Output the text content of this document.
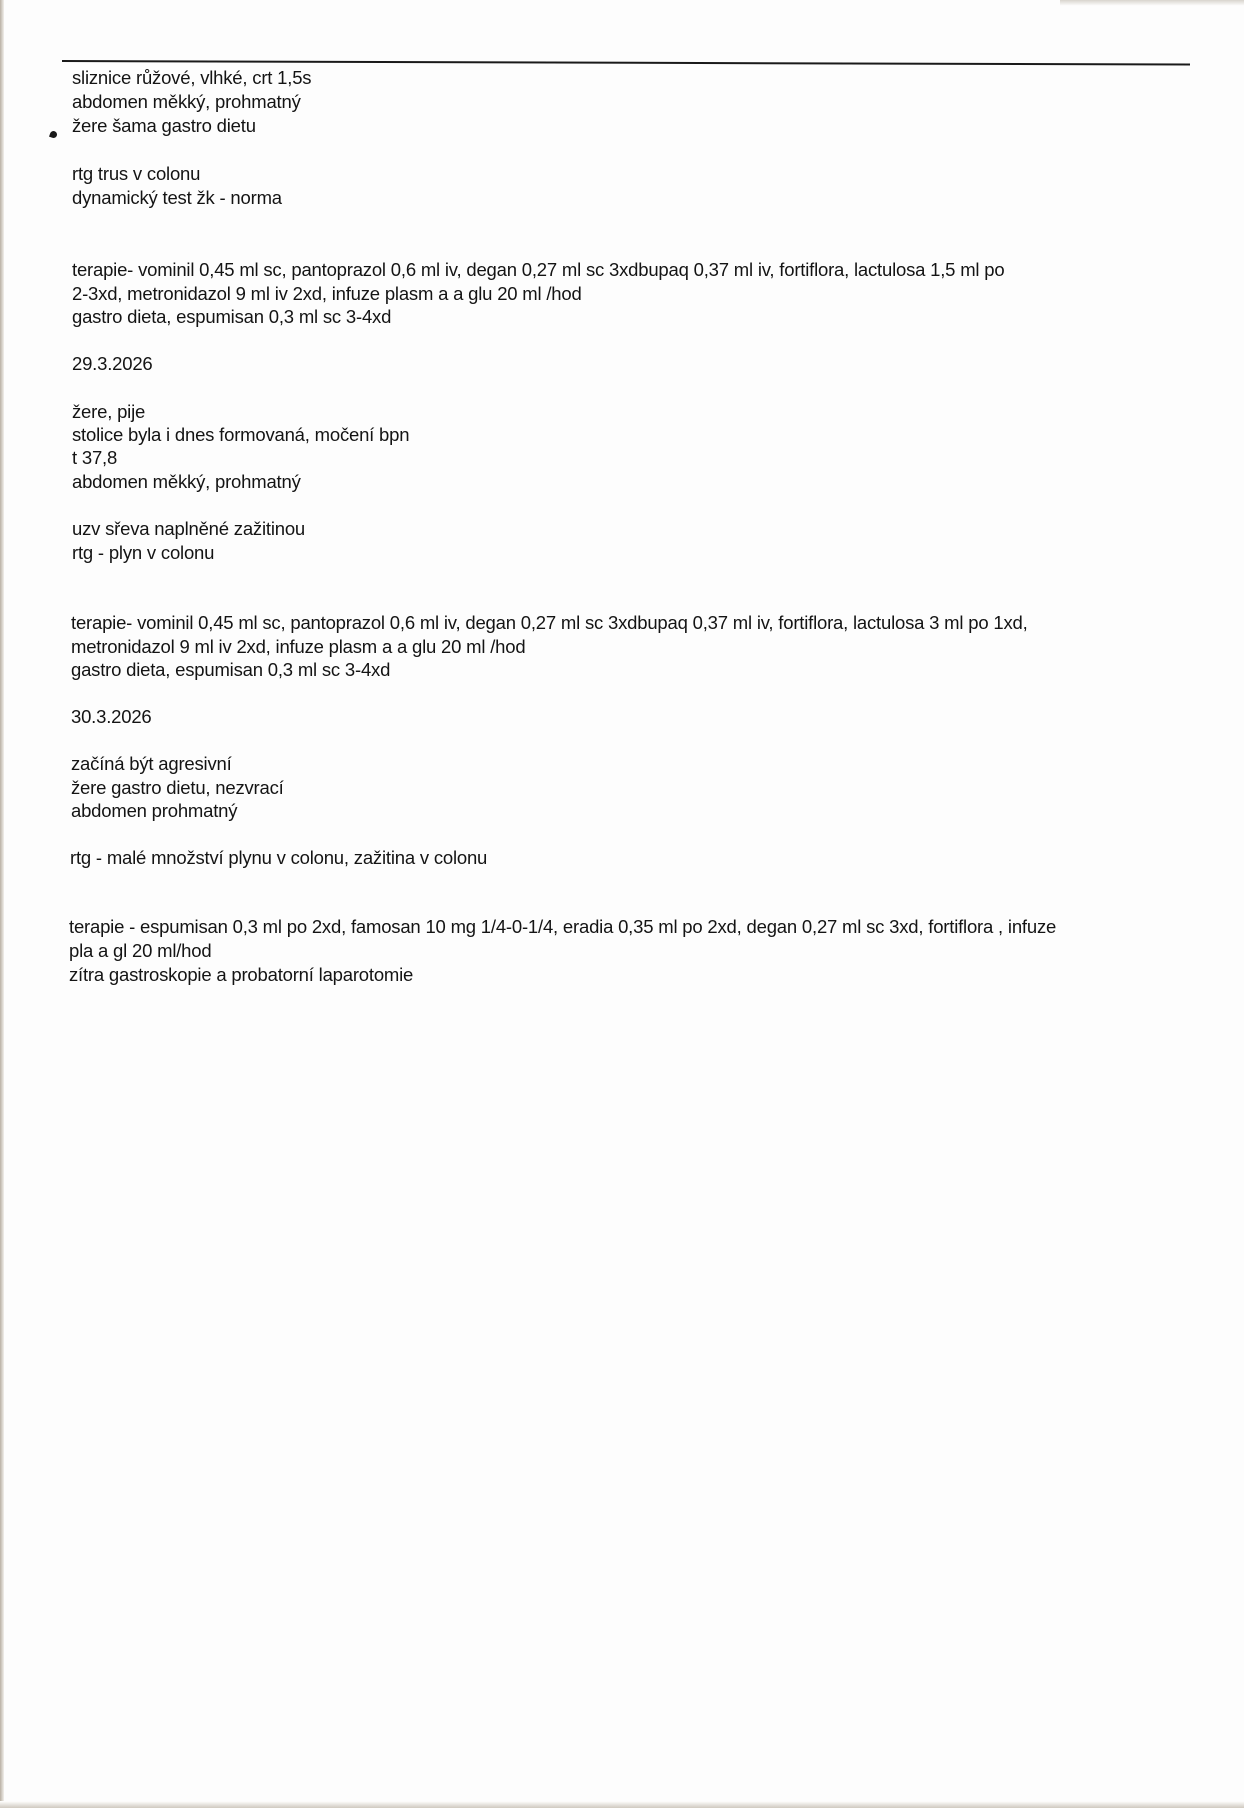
sliznice růžové, vlhké, crt 1,5s
abdomen měkký, prohmatný
žere šama gastro dietu
rtg trus v colonu
dynamický test žk - norma
terapie- vominil 0,45 ml sc, pantoprazol 0,6 ml iv, degan 0,27 ml sc 3xdbupaq 0,37 ml iv, fortiflora, lactulosa 1,5 ml po
2-3xd, metronidazol 9 ml iv 2xd, infuze plasm a a glu 20 ml /hod
gastro dieta, espumisan 0,3 ml sc 3-4xd
29.3.2026
žere, pije
stolice byla i dnes formovaná, močení bpn
t 37,8
abdomen měkký, prohmatný
uzv sřeva naplněné zažitinou
rtg - plyn v colonu
terapie- vominil 0,45 ml sc, pantoprazol 0,6 ml iv, degan 0,27 ml sc 3xdbupaq 0,37 ml iv, fortiflora, lactulosa 3 ml po 1xd,
metronidazol 9 ml iv 2xd, infuze plasm a a glu 20 ml /hod
gastro dieta, espumisan 0,3 ml sc 3-4xd
30.3.2026
začíná být agresivní
žere gastro dietu, nezvrací
abdomen prohmatný
rtg - malé množství plynu v colonu, zažitina v colonu
terapie - espumisan 0,3 ml po 2xd, famosan 10 mg 1/4-0-1/4, eradia 0,35 ml po 2xd, degan 0,27 ml sc 3xd, fortiflora , infuze
pla a gl 20 ml/hod
zítra gastroskopie a probatorní laparotomie
